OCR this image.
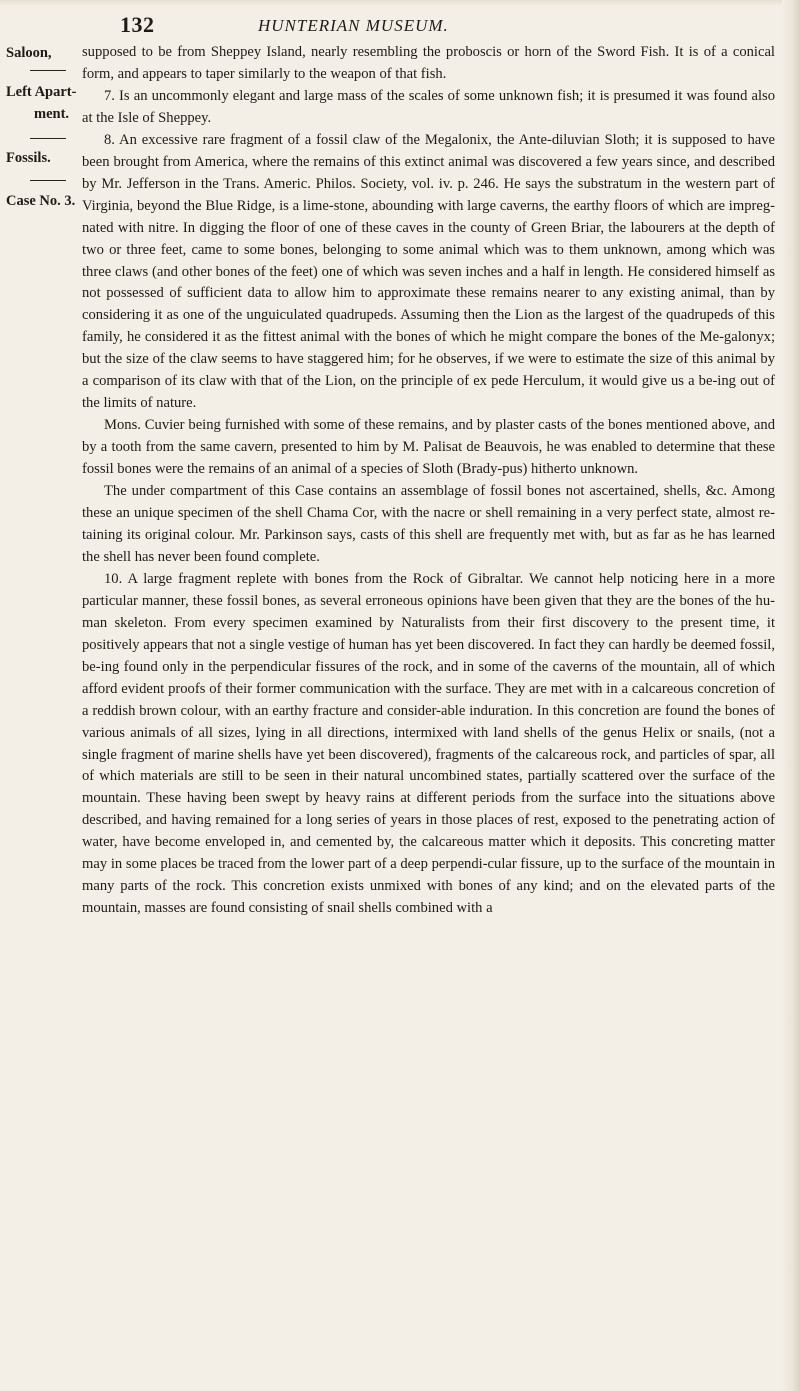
132	HUNTERIAN MUSEUM.
Saloon,
Left Apart-
ment.
Fossils.
Case No. 3.

supposed to be from Sheppey Island, nearly resembling the proboscis or horn of the Sword Fish. It is of a conical form, and appears to taper similarly to the weapon of that fish.

7. Is an uncommonly elegant and large mass of the scales of some unknown fish; it is presumed it was found also at the Isle of Sheppey.

8. An excessive rare fragment of a fossil claw of the Megalonix, the Ante-diluvian Sloth; it is supposed to have been brought from America, where the remains of this extinct animal was discovered a few years since, and described by Mr. Jefferson in the Trans. Americ. Philos. Society, vol. iv. p. 246. He says the substratum in the western part of Virginia, beyond the Blue Ridge, is a lime-stone, abounding with large caverns, the earthy floors of which are impreg-nated with nitre. In digging the floor of one of these caves in the county of Green Briar, the labourers at the depth of two or three feet, came to some bones, belonging to some animal which was to them unknown, among which was three claws (and other bones of the feet) one of which was seven inches and a half in length. He considered himself as not possessed of sufficient data to allow him to approximate these remains nearer to any existing animal, than by considering it as one of the unguiculated quadrupeds. Assuming then the Lion as the largest of the quadrupeds of this family, he considered it as the fittest animal with the bones of which he might compare the bones of the Me-galonyx; but the size of the claw seems to have staggered him; for he observes, if we were to estimate the size of this animal by a comparison of its claw with that of the Lion, on the principle of ex pede Herculum, it would give us a be-ing out of the limits of nature.

Mons. Cuvier being furnished with some of these remains, and by plaster casts of the bones mentioned above, and by a tooth from the same cavern, presented to him by M. Palisat de Beauvois, he was enabled to determine that these fossil bones were the remains of an animal of a species of Sloth (Brady-pus) hitherto unknown.

The under compartment of this Case contains an assemblage of fossil bones not ascertained, shells, &c. Among these an unique specimen of the shell Chama Cor, with the nacre or shell remaining in a very perfect state, almost re-taining its original colour. Mr. Parkinson says, casts of this shell are frequently met with, but as far as he has learned the shell has never been found complete.

10. A large fragment replete with bones from the Rock of Gibraltar. We cannot help noticing here in a more particular manner, these fossil bones, as several erroneous opinions have been given that they are the bones of the hu-man skeleton. From every specimen examined by Naturalists from their first discovery to the present time, it positively appears that not a single vestige of human has yet been discovered. In fact they can hardly be deemed fossil, be-ing found only in the perpendicular fissures of the rock, and in some of the caverns of the mountain, all of which afford evident proofs of their former communication with the surface. They are met with in a calcareous concretion of a reddish brown colour, with an earthy fracture and consider-able induration. In this concretion are found the bones of various animals of all sizes, lying in all directions, intermixed with land shells of the genus Helix or snails, (not a single fragment of marine shells have yet been discovered), fragments of the calcareous rock, and particles of spar, all of which materials are still to be seen in their natural uncombined states, partially scattered over the surface of the mountain. These having been swept by heavy rains at different periods from the surface into the situations above described, and having remained for a long series of years in those places of rest, exposed to the penetrating action of water, have become enveloped in, and cemented by, the calcareous matter which it deposits. This concreting matter may in some places be traced from the lower part of a deep perpendi-cular fissure, up to the surface of the mountain in many parts of the rock. This concretion exists unmixed with bones of any kind; and on the elevated parts of the mountain, masses are found consisting of snail shells combined with a
